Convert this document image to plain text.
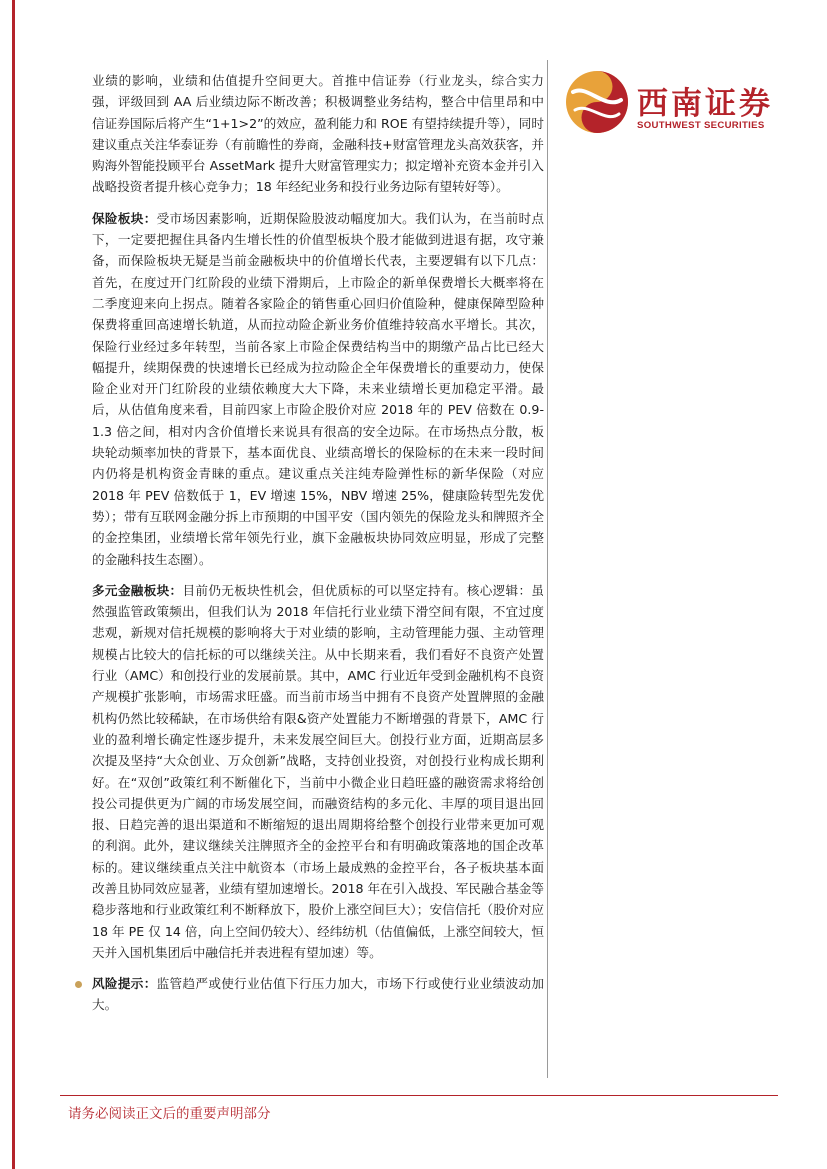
西南证券
SOUTHWEST SECURITIES

业绩的影响，业绩和估值提升空间更大。首推中信证券（行业龙头，综合实力强，评级回到 AA 后业绩边际不断改善；积极调整业务结构，整合中信里昂和中信证券国际后将产生“1+1>2”的效应，盈利能力和 ROE 有望持续提升等），同时建议重点关注华泰证券（有前瞻性的券商，金融科技+财富管理龙头高效获客，并购海外智能投顾平台 AssetMark 提升大财富管理实力；拟定增补充资本金并引入战略投资者提升核心竞争力；18 年经纪业务和投行业务边际有望转好等）。

保险板块：受市场因素影响，近期保险股波动幅度加大。我们认为，在当前时点下，一定要把握住具备内生增长性的价值型板块个股才能做到进退有据，攻守兼备，而保险板块无疑是当前金融板块中的价值增长代表，主要逻辑有以下几点：首先，在度过开门红阶段的业绩下滑期后，上市险企的新单保费增长大概率将在二季度迎来向上拐点。随着各家险企的销售重心回归价值险种，健康保障型险种保费将重回高速增长轨道，从而拉动险企新业务价值维持较高水平增长。其次，保险行业经过多年转型，当前各家上市险企保费结构当中的期缴产品占比已经大幅提升，续期保费的快速增长已经成为拉动险企全年保费增长的重要动力，使保险企业对开门红阶段的业绩依赖度大大下降，未来业绩增长更加稳定平滑。最后，从估值角度来看，目前四家上市险企股价对应 2018 年的 PEV 倍数在 0.9-1.3 倍之间，相对内含价值增长来说具有很高的安全边际。在市场热点分散，板块轮动频率加快的背景下，基本面优良、业绩高增长的保险标的在未来一段时间内仍将是机构资金青睐的重点。建议重点关注纯寿险弹性标的新华保险（对应 2018 年 PEV 倍数低于 1，EV 增速 15%，NBV 增速 25%，健康险转型先发优势）；带有互联网金融分拆上市预期的中国平安（国内领先的保险龙头和牌照齐全的金控集团，业绩增长常年领先行业，旗下金融板块协同效应明显，形成了完整的金融科技生态圈）。

多元金融板块：目前仍无板块性机会，但优质标的可以坚定持有。核心逻辑：虽然强监管政策频出，但我们认为 2018 年信托行业业绩下滑空间有限，不宜过度悲观，新规对信托规模的影响将大于对业绩的影响，主动管理能力强、主动管理规模占比较大的信托标的可以继续关注。从中长期来看，我们看好不良资产处置行业（AMC）和创投行业的发展前景。其中，AMC 行业近年受到金融机构不良资产规模扩张影响，市场需求旺盛。而当前市场当中拥有不良资产处置牌照的金融机构仍然比较稀缺，在市场供给有限&资产处置能力不断增强的背景下，AMC 行业的盈利增长确定性逐步提升，未来发展空间巨大。创投行业方面，近期高层多次提及坚持“大众创业、万众创新”战略，支持创业投资，对创投行业构成长期利好。在“双创”政策红利不断催化下，当前中小微企业日趋旺盛的融资需求将给创投公司提供更为广阔的市场发展空间，而融资结构的多元化、丰厚的项目退出回报、日趋完善的退出渠道和不断缩短的退出周期将给整个创投行业带来更加可观的利润。此外，建议继续关注牌照齐全的金控平台和有明确政策落地的国企改革标的。建议继续重点关注中航资本（市场上最成熟的金控平台，各子板块基本面改善且协同效应显著，业绩有望加速增长。2018 年在引入战投、军民融合基金等稳步落地和行业政策红利不断释放下，股价上涨空间巨大）；安信信托（股价对应 18 年 PE 仅 14 倍，向上空间仍较大）、经纬纺机（估值偏低，上涨空间较大，恒天并入国机集团后中融信托并表进程有望加速）等。

风险提示：监管趋严或使行业估值下行压力加大，市场下行或使行业业绩波动加大。

请务必阅读正文后的重要声明部分
